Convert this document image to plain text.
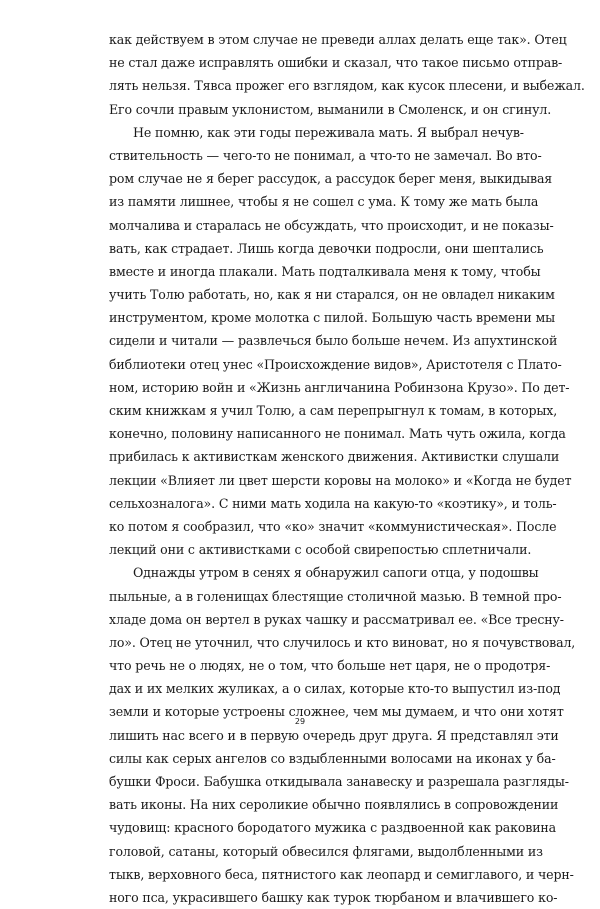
как действуем в этом случае не преведи аллах делать еще так». Отец
не стал даже исправлять ошибки и сказал, что такое письмо отправ-
лять нельзя. Тявса прожег его взглядом, как кусок плесени, и выбежал.
Его сочли правым уклонистом, выманили в Смоленск, и он сгинул.
Не помню, как эти годы переживала мать. Я выбрал нечув-
ствительность — чего-то не понимал, а что-то не замечал. Во вто-
ром случае не я берег рассудок, а рассудок берег меня, выкидывая
из памяти лишнее, чтобы я не сошел с ума. К тому же мать была
молчалива и старалась не обсуждать, что происходит, и не показы-
вать, как страдает. Лишь когда девочки подросли, они шептались
вместе и иногда плакали. Мать подталкивала меня к тому, чтобы
учить Толю работать, но, как я ни старался, он не овладел никаким
инструментом, кроме молотка с пилой. Большую часть времени мы
сидели и читали — развлечься было больше нечем. Из апухтинской
библиотеки отец унес «Происхождение видов», Аристотеля с Плато-
ном, историю войн и «Жизнь англичанина Робинзона Крузо». По дет-
ским книжкам я учил Толю, а сам перепрыгнул к томам, в которых,
конечно, половину написанного не понимал. Мать чуть ожила, когда
прибилась к активисткам женского движения. Активистки слушали
лекции «Влияет ли цвет шерсти коровы на молоко» и «Когда не будет
сельхозналога». С ними мать ходила на какую-то «коэтику», и толь-
ко потом я сообразил, что «ко» значит «коммунистическая». После
лекций они с активистками с особой свирепостью сплетничали.
Однажды утром в сенях я обнаружил сапоги отца, у подошвы
пыльные, а в голенищах блестящие столичной мазью. В темной про-
хладе дома он вертел в руках чашку и рассматривал ее. «Все тресну-
ло». Отец не уточнил, что случилось и кто виноват, но я почувствовал,
что речь не о людях, не о том, что больше нет царя, не о продотря-
дах и их мелких жуликах, а о силах, которые кто-то выпустил из-под
земли и которые устроены сложнее, чем мы думаем, и что они хотят
лишить нас всего и в первую очередь друг друга. Я представлял эти
силы как серых ангелов со вздыбленными волосами на иконах у ба-
бушки Фроси. Бабушка откидывала занавеску и разрешала разгляды-
вать иконы. На них сероликие обычно появлялись в сопровождении
чудовищ: красного бородатого мужика с раздвоенной как раковина
головой, сатаны, который обвесился флягами, выдолбленными из
тыкв, верховного беса, пятнистого как леопард и семиглавого, и черн-
ного пса, украсившего башку как турок тюрбаном и влачившего ко-
29
